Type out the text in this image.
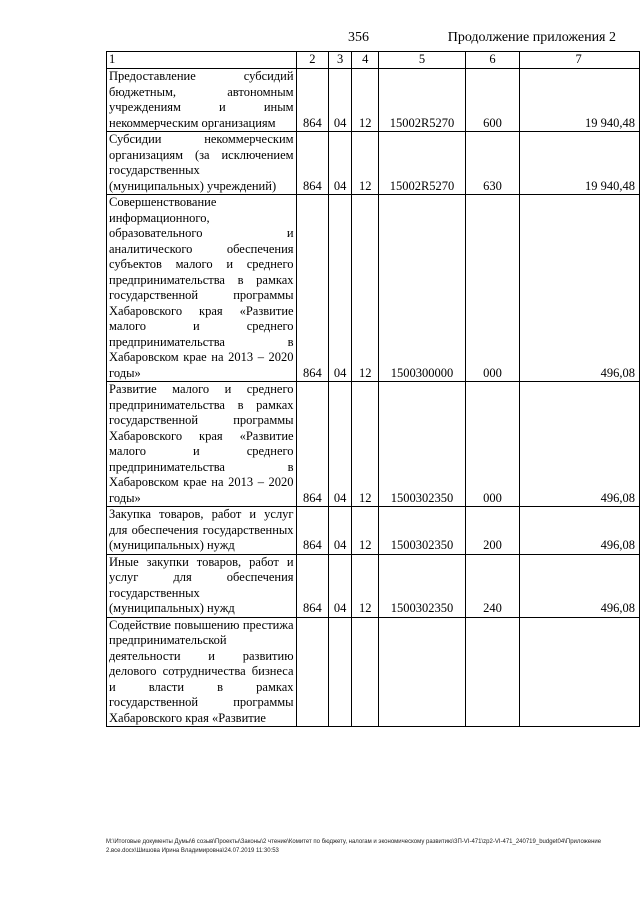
356	Продолжение приложения 2
1	2	3	4	5	6	7
Предоставление субсидий бюджетным, автономным учреждениям и иным некоммерческим организациям	864	04	12	15002R5270	600	19 940,48
Субсидии некоммерческим организациям (за исключением государственных (муниципальных) учреждений)	864	04	12	15002R5270	630	19 940,48
Совершенствование информационного, образовательного и аналитического обеспечения субъектов малого и среднего предпринимательства в рамках государственной программы Хабаровского края «Развитие малого и среднего предпринимательства в Хабаровском крае на 2013 – 2020 годы»	864	04	12	1500300000	000	496,08
Развитие малого и среднего предпринимательства в рамках государственной программы Хабаровского края «Развитие малого и среднего предпринимательства в Хабаровском крае на 2013 – 2020 годы»	864	04	12	1500302350	000	496,08
Закупка товаров, работ и услуг для обеспечения государственных (муниципальных) нужд	864	04	12	1500302350	200	496,08
Иные закупки товаров, работ и услуг для обеспечения государственных (муниципальных) нужд	864	04	12	1500302350	240	496,08
Содействие повышению престижа предпринимательской деятельности и развитию делового сотрудничества бизнеса и власти в рамках государственной программы Хабаровского края «Развитие						
M:\Итоговые документы Думы\6 созыв\Проекты\Законы\2 чтение\Комитет по бюджету, налогам и экономическому развитию\3П-VI-471\zp2-VI-471_240719_budget04\Приложение 2.все.docx\Шишова Ирина Владимировна\24.07.2019 11:30:53
